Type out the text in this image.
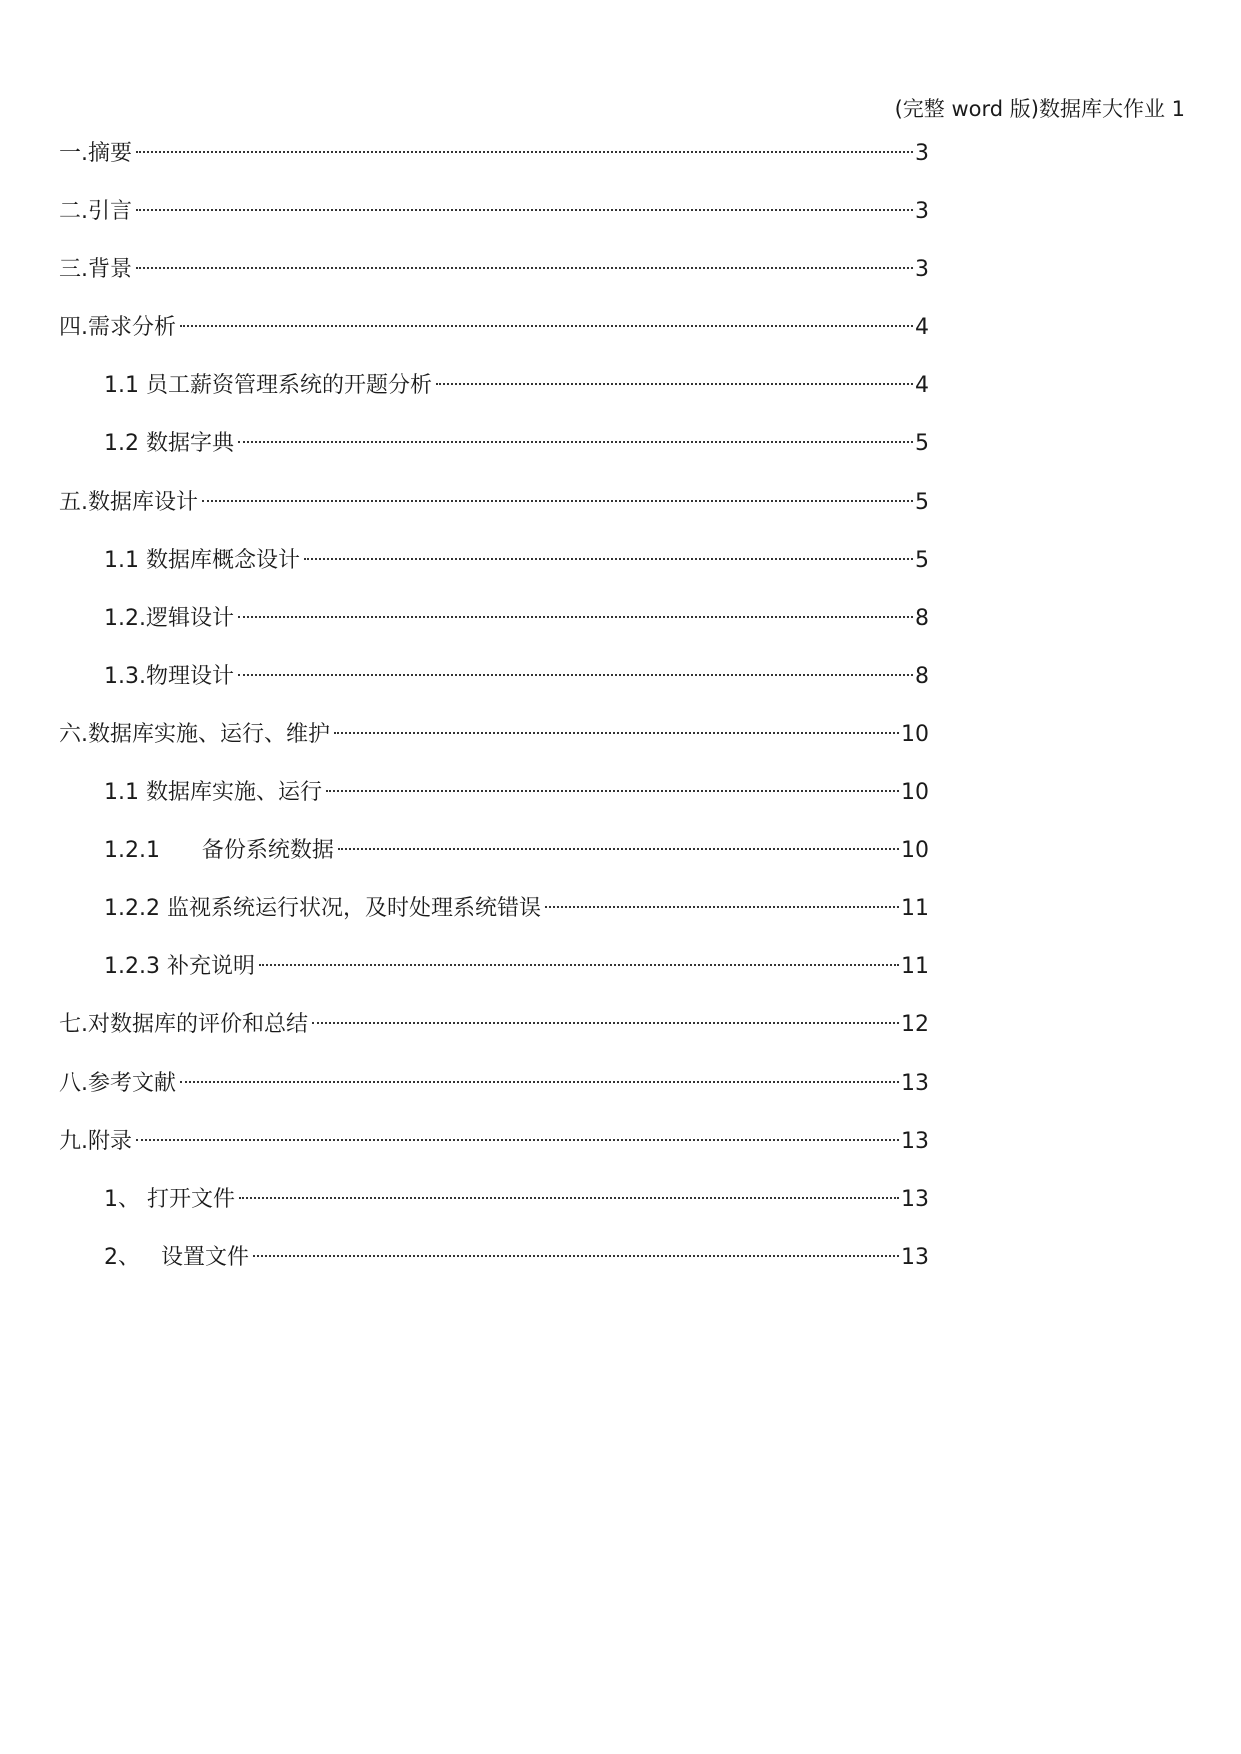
(完整 word 版)数据库大作业 1
一.摘要	3
二.引言	3
三.背景	3
四.需求分析	4
1.1 员工薪资管理系统的开题分析	4
1.2 数据字典	5
五.数据库设计	5
1.1 数据库概念设计	5
1.2.逻辑设计	8
1.3.物理设计	8
六.数据库实施、运行、维护	10
1.1 数据库实施、运行	10
1.2.1      备份系统数据	10
1.2.2 监视系统运行状况，及时处理系统错误	11
1.2.3 补充说明	11
七.对数据库的评价和总结	12
八.参考文献	13
九.附录	13
1、 打开文件	13
2、   设置文件	13
